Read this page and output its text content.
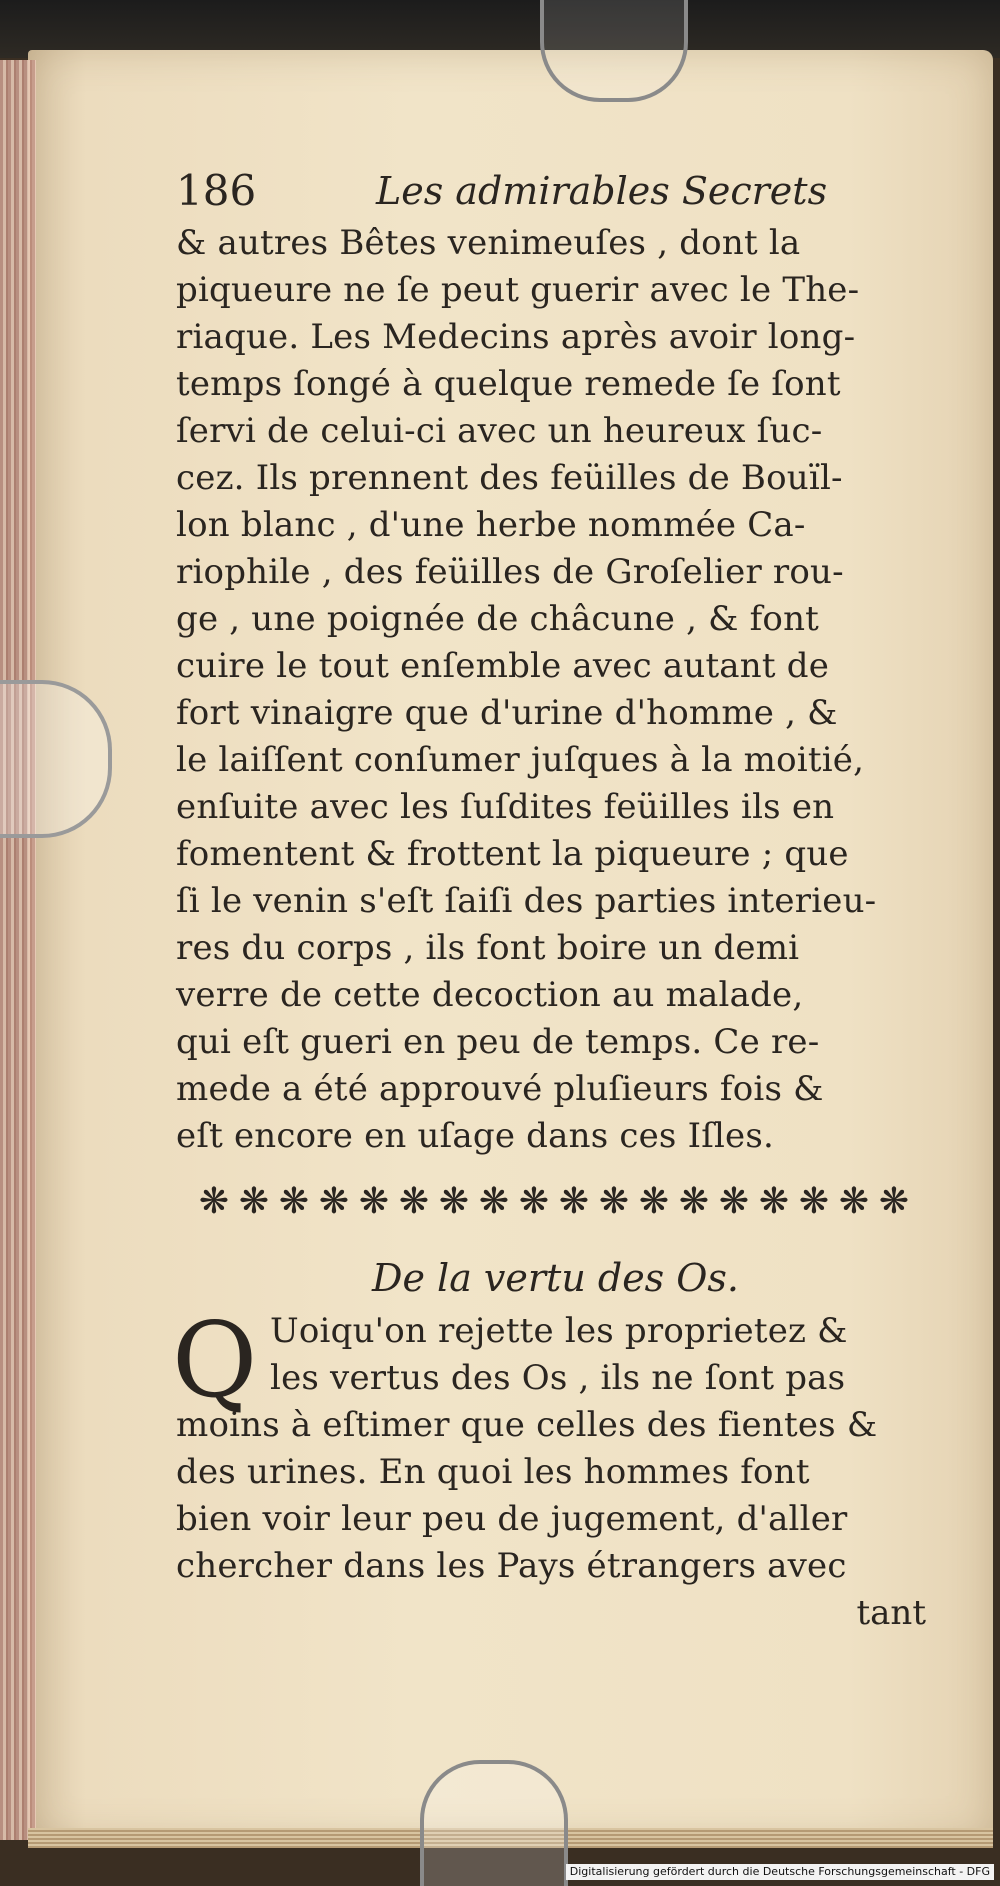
186	Les admirables Secrets
& autres Bêtes venimeuſes , dont la
piqueure ne ſe peut guerir avec le The-
riaque. Les Medecins après avoir long-
temps ſongé à quelque remede ſe ſont
ſervi de celui-ci avec un heureux ſuc-
cez. Ils prennent des feüilles de Bouïl-
lon blanc , d'une herbe nommée Ca-
riophile , des feüilles de Groſelier rou-
ge , une poignée de châcune , & font
cuire le tout enſemble avec autant de
fort vinaigre que d'urine d'homme , &
le laiſſent conſumer juſques à la moitié,
enſuite avec les ſuſdites feüilles ils en
fomentent & frottent la piqueure ; que
ſi le venin s'eſt ſaiſi des parties interieu-
res du corps , ils font boire un demi
verre de cette decoction au malade,
qui eſt gueri en peu de temps. Ce re-
mede a été approuvé pluſieurs fois &
eſt encore en uſage dans ces Iſles.
❋ ❋ ❋ ❋ ❋ ❋ ❋ ❋ ❋ ❋ ❋ ❋ ❋ ❋ ❋ ❋ ❋ ❋
De la vertu des Os.
Q Uoiqu'on rejette les proprietez &
les vertus des Os , ils ne ſont pas
moins à eſtimer que celles des fientes &
des urines. En quoi les hommes font
bien voir leur peu de jugement, d'aller
chercher dans les Pays étrangers avec
tant
Digitalisierung gefördert durch die Deutsche Forschungsgemeinschaft - DFG
